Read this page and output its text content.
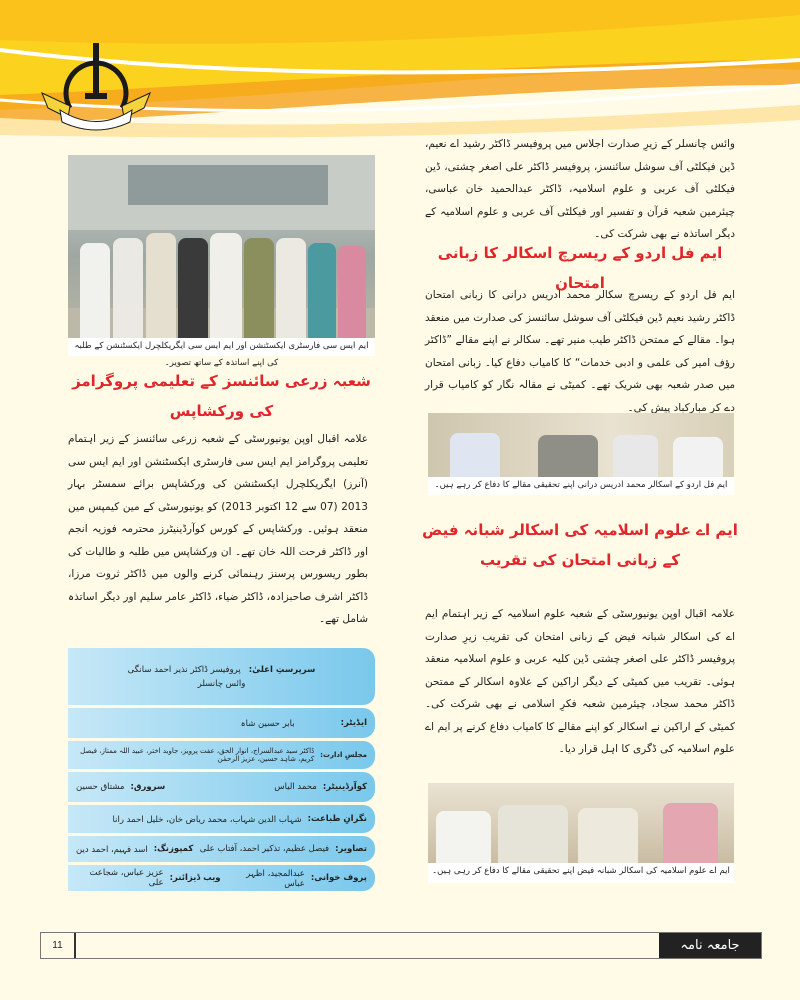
ایم ایس سی فارسٹری ایکسٹنشن اور ایم ایس سی ایگریکلچرل ایکسٹنشن کے طلبہ کی اپنے اساتذہ کے ساتھ تصویر۔
شعبہ زرعی سائنسز کے تعلیمی پروگرامز کی ورکشاپس
علامہ اقبال اوپن یونیورسٹی کے شعبہ زرعی سائنسز کے زیر اہتمام تعلیمی پروگرامز ایم ایس سی فارسٹری ایکسٹنشن اور ایم ایس سی (آنرز) ایگریکلچرل ایکسٹنشن کی ورکشاپس برائے سمسٹر بہار 2013 (07 سے 12 اکتوبر 2013) کو یونیورسٹی کے مین کیمپس میں منعقد ہوئیں۔ ورکشاپس کے کورس کوآرڈینیٹرز محترمہ فوزیہ انجم اور ڈاکٹر فرحت اللہ خان تھے۔ ان ورکشاپس میں طلبہ و طالبات کی بطور ریسورس پرسنز رہنمائی کرنے والوں میں ڈاکٹر ثروت مرزا، ڈاکٹر اشرف صاحبزادہ، ڈاکٹر ضیاء، ڈاکٹر عامر سلیم اور دیگر اساتذہ شامل تھے۔
سرپرستِ اعلیٰ:
پروفیسر ڈاکٹر نذیر احمد سانگی
وائس چانسلر
ایڈیٹر:
بابر حسین شاہ
مجلسِ ادارت:
ڈاکٹر سید عبدالسراج، انوار الحق، عفت پرویز، جاوید اختر، عبید اللہ ممتاز، فیصل کریم، شاہد حسین، عزیز الرحمٰن
کوآرڈینیٹر:
محمد الیاس
سرورق:
مشتاق حسین
نگرانِ طباعت:
شہاب الدین شہاب، محمد ریاض خان، خلیل احمد رانا
تصاویر:
فیصل عظیم، تذکیر احمد، آفتاب علی
کمپوزنگ:
اسد فہیم، احمد دین
پروف خوانی:
عبدالمجید، اظہر عباس
ویب ڈیزائنر:
عزیز عباس، شجاعت علی
وائس چانسلر کے زیرِ صدارت اجلاس میں پروفیسر ڈاکٹر رشید اے نعیم، ڈین فیکلٹی آف سوشل سائنسز، پروفیسر ڈاکٹر علی اصغر چشتی، ڈین فیکلٹی آف عربی و علوم اسلامیہ، ڈاکٹر عبدالحمید خان عباسی، چیئرمین شعبہ قرآن و تفسیر اور فیکلٹی آف عربی و علوم اسلامیہ کے دیگر اساتذہ نے بھی شرکت کی۔
ایم فل اردو کے ریسرچ اسکالر کا زبانی امتحان
ایم فل اردو کے ریسرچ سکالر محمد ادریس درانی کا زبانی امتحان ڈاکٹر رشید نعیم ڈین فیکلٹی آف سوشل سائنسز کی صدارت میں منعقد ہوا۔ مقالے کے ممتحن ڈاکٹر طیب منیر تھے۔ سکالر نے اپنے مقالے ”ڈاکٹر رؤف امیر کی علمی و ادبی خدمات“ کا کامیاب دفاع کیا۔ زبانی امتحان میں صدر شعبہ بھی شریک تھے۔ کمیٹی نے مقالہ نگار کو کامیاب قرار دے کر مبارکباد پیش کی۔
ایم فل اردو کے اسکالر محمد ادریس درانی اپنے تحقیقی مقالے کا دفاع کر رہے ہیں۔
ایم اے علوم اسلامیہ کی اسکالر شبانہ فیض کے زبانی امتحان کی تقریب
علامہ اقبال اوپن یونیورسٹی کے شعبہ علوم اسلامیہ کے زیر اہتمام ایم اے کی اسکالر شبانہ فیض کے زبانی امتحان کی تقریب زیرِ صدارت پروفیسر ڈاکٹر علی اصغر چشتی ڈین کلیہ عربی و علوم اسلامیہ منعقد ہوئی۔ تقریب میں کمیٹی کے دیگر اراکین کے علاوہ اسکالر کے ممتحن ڈاکٹر محمد سجاد، چیئرمین شعبہ فکرِ اسلامی نے بھی شرکت کی۔ کمیٹی کے اراکین نے اسکالر کو اپنے مقالے کا کامیاب دفاع کرنے پر ایم اے علوم اسلامیہ کی ڈگری کا اہل قرار دیا۔
ایم اے علوم اسلامیہ کی اسکالر شبانہ فیض اپنے تحقیقی مقالے کا دفاع کر رہی ہیں۔
11	جامعہ نامہ
